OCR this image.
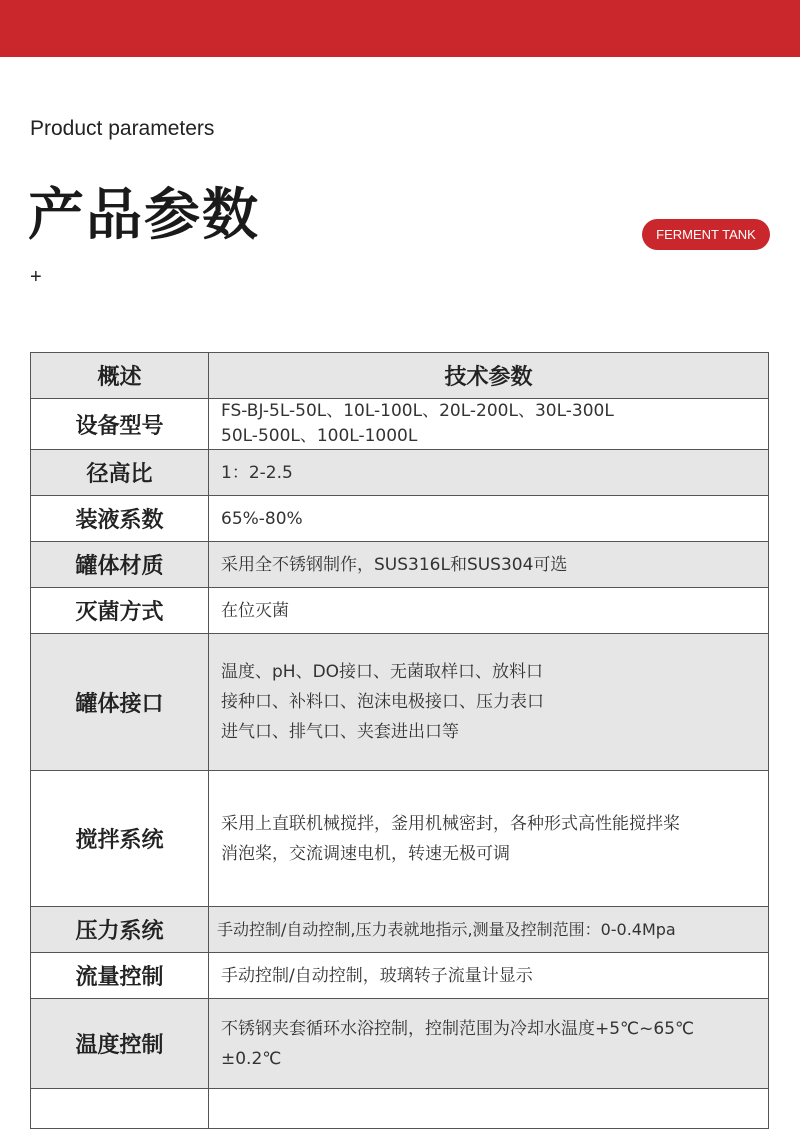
Product parameters
产品参数	FERMENT TANK
+
概述	技术参数
设备型号	FS-BJ-5L-50L、10L-100L、20L-200L、30L-300L
50L-500L、100L-1000L

径高比	1：2-2.5

装液系数	65%-80%

罐体材质	采用全不锈钢制作，SUS316L和SUS304可选

灭菌方式	在位灭菌

罐体接口	温度、pH、DO接口、无菌取样口、放料口
接种口、补料口、泡沫电极接口、压力表口
进气口、排气口、夹套进出口等

搅拌系统	采用上直联机械搅拌，釜用机械密封，各种形式高性能搅拌桨
消泡桨，交流调速电机，转速无极可调

压力系统	手动控制/自动控制,压力表就地指示,测量及控制范围：0-0.4Mpa

流量控制	手动控制/自动控制，玻璃转子流量计显示

温度控制	不锈钢夹套循环水浴控制，控制范围为冷却水温度+5℃~65℃
±0.2℃
